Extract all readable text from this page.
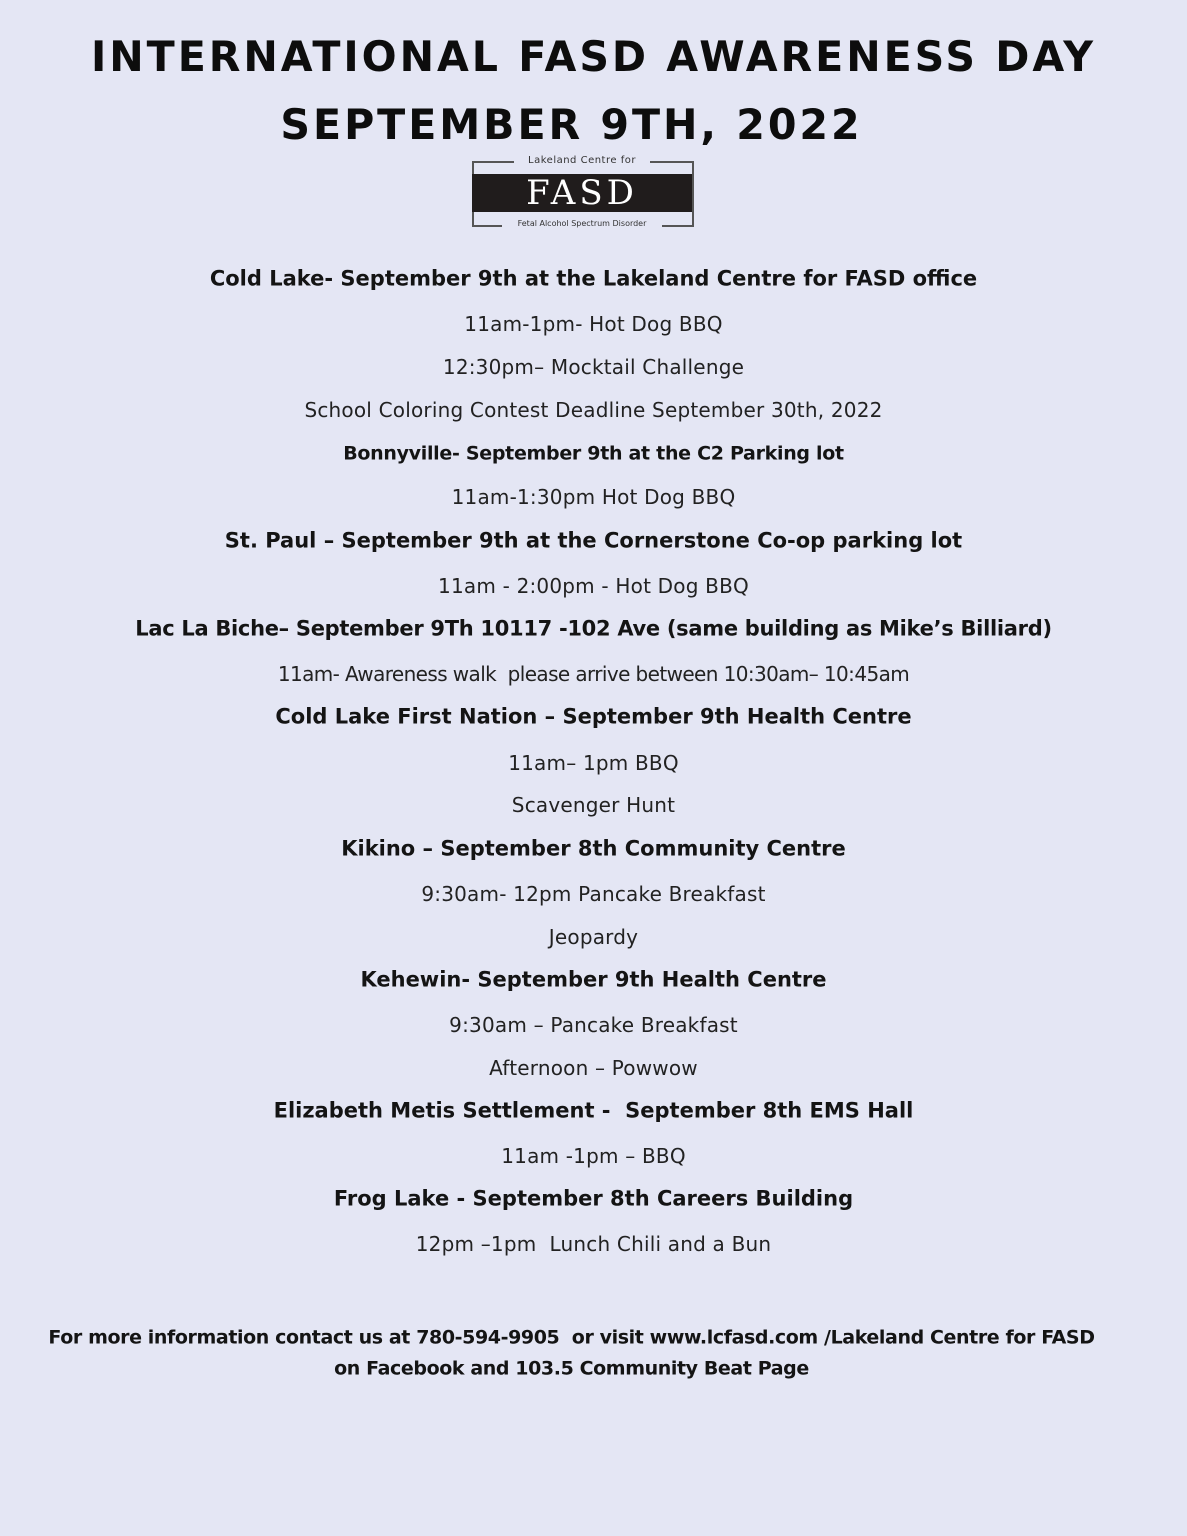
INTERNATIONAL FASD AWARENESS DAY
SEPTEMBER 9TH, 2022
Lakeland Centre for
FASD
Fetal Alcohol Spectrum Disorder
Cold Lake- September 9th at the Lakeland Centre for FASD office
11am-1pm- Hot Dog BBQ
12:30pm– Mocktail Challenge
School Coloring Contest Deadline September 30th, 2022
Bonnyville- September 9th at the C2 Parking lot
11am-1:30pm Hot Dog BBQ
St. Paul – September 9th at the Cornerstone Co-op parking lot
11am - 2:00pm - Hot Dog BBQ
Lac La Biche– September 9Th 10117 -102 Ave (same building as Mike’s Billiard)
11am- Awareness walk  please arrive between 10:30am– 10:45am
Cold Lake First Nation – September 9th Health Centre
11am– 1pm BBQ
Scavenger Hunt
Kikino – September 8th Community Centre
9:30am- 12pm Pancake Breakfast
Jeopardy
Kehewin- September 9th Health Centre
9:30am – Pancake Breakfast
Afternoon – Powwow
Elizabeth Metis Settlement -  September 8th EMS Hall
11am -1pm – BBQ
Frog Lake - September 8th Careers Building
12pm –1pm  Lunch Chili and a Bun
For more information contact us at 780-594-9905  or visit www.lcfasd.com /Lakeland Centre for FASD
on Facebook and 103.5 Community Beat Page
